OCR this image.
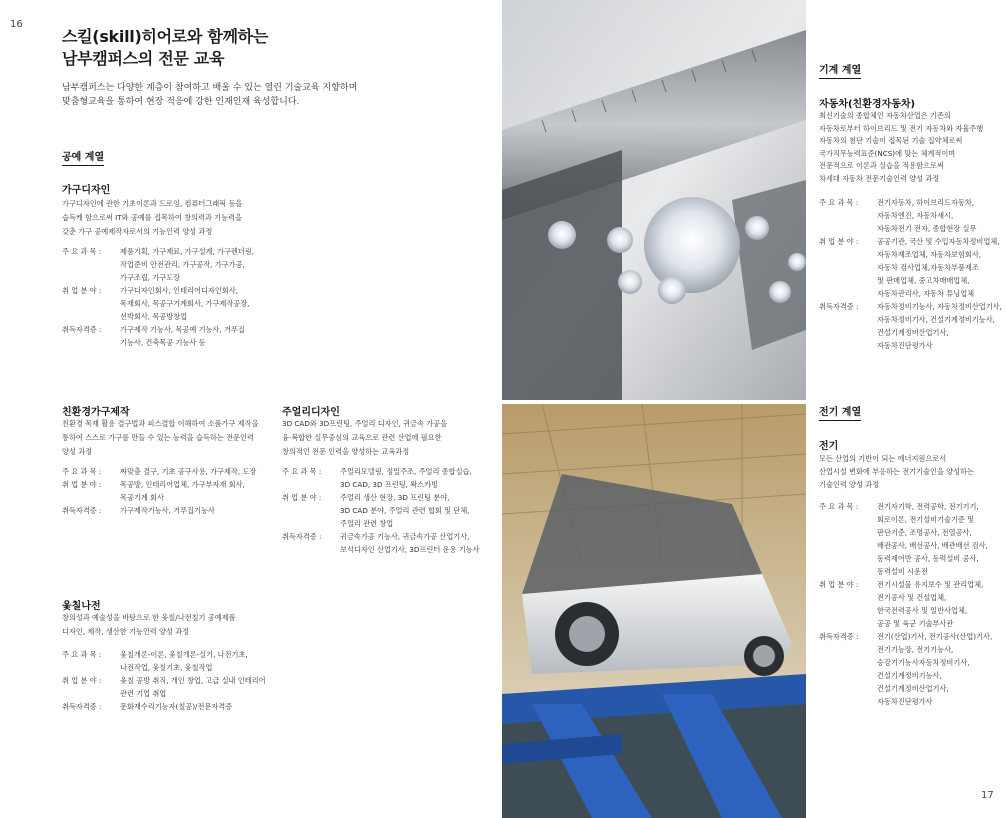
16
17
스킬(skill)히어로와 함께하는
남부캠퍼스의 전문 교육
남부캠퍼스는 다양한 계층이 참여하고 배울 수 있는 열린 기술교육 지향하며
맞춤형교육을 통하여 현장 적응에 강한 인재인재 육성합니다.
공예 계열
가구디자인
가구디자인에 관한 기초이론과 드로잉, 컴퓨터그래픽 등을
습득케 함으로써 IT와 공예를 접목하여 창의력과 기능력을
갖춘 가구 공예제작자로서의 기능인력 양성 과정
주 요 과 목 :	제품기획, 가구제료, 가구설계, 가구렌더링,
작업준비 안전관리, 가구공작, 가구가공,
가구조립, 가구도장
취 업 분 야 :	가구디자인회사, 인테리어디자인회사,
목재회사, 목공구기계회사, 가구제작공장,
선박회사, 목공방창업
취득자격증 :	가구제작 기능사, 목공예 기능사, 거푸집
기능사, 건축목공 기능사 등
친환경가구제작
친환경 목재 활용 결구법과 피스결합 이해하여 소품가구 제작을
통하여 스스로 가구를 만들 수 있는 능력을 습득하는 전문인력
양성 과정
주 요 과 목 :	짜맞춤 결구, 기초 공구사용, 가구제작, 도장
취 업 분 야 :	목공방, 인테리어업체, 가구부자재 회사,
목공기계 회사
취득자격증 :	가구제작기능사, 거푸집기능사
주얼리디자인
3D CAD와 3D프린팅, 주얼리 디자인, 귀금속 가공을
융·복합한 실무중심의 교육으로 관련 산업에 필요한
창의적인 전문 인력을 양성하는 교육과정
주 요 과 목 :	주얼리모델링, 정밀주조, 주얼리 종합실습,
3D CAD, 3D 프린팅, 왁스카빙
취 업 분 야 :	주얼리 생산 현장, 3D 프린팅 분야,
3D CAD 분야, 주얼리 관련 협회 및 단체,
주얼리 관련 창업
취득자격증 :	귀금속가공 기능사, 귀금속가공 산업기사,
보석디자인 산업기사, 3D프린터 운용 기능사
옻칠나전
창의성과 예술성을 바탕으로 한 옻칠/나전칠기 공예제품
디자인, 제작, 생산한 기능인력 양성 과정
주 요 과 목 :	옻칠개론-이론, 옻칠개론-실기, 나전기초,
나전작업, 옻칠기초, 옻칠작업
취 업 분 야 :	옻칠 공방 취직, 개인 창업, 고급 실내 인테리어
관련 기업 취업
취득자격증 :	문화재수리기능자(칠공)/전문자격증
기계 계열
자동차(친환경자동차)
최신기술의 종합체인 자동차산업은 기존의
자동차로부터 하이브리드 및 전기 자동차와 자율주행
자동차의 첨단 기술이 접목된 기술 집약체로써
국가직무능력표준(NCS)에 맞는 체계적이며
전문적으로 이론과 실습을 적용함으로써
차세대 자동차 전문기술인력 양성 과정
주 요 과 목 :	전기자동차, 하이브리드자동차,
자동차엔진, 자동차섀시,
자동차전기 전자, 종합현장 실무
취 업 분 야 :	공공기관, 국산 및 수입자동차정비업체,
자동차제조업체, 자동차보험회사,
자동차 검사업체,자동차부품제조
및 판매업체, 중고차매매업체,
자동차관리사, 자동차 튜닝업체
취득자격증 :	자동차정비기능사, 자동차정비산업기사,
자동차정비기사, 건설기계정비기능사,
건설기계정비산업기사,
자동차진단평가사
전기 계열
전기
모든 산업의 기반이 되는 에너지원으로서
산업시설 변화에 부응하는 전기기술인을 양성하는
기술인력 양성 과정
주 요 과 목 :	전기자기학, 전력공학, 전기기기,
회로이론, 전기설비기술기준 및
판단기준, 조명공사, 전열공사,
배관공사, 배선공사, 배관배선 검사,
동력제어반 공사, 동력설비 공사,
동력설비 시운전
취 업 분 야 :	전기시설물 유지보수 및 관리업체,
전기공사 및 건설업체,
한국전력공사 및 일반사업체,
공공 및 육군 기술부사관
취득자격증 :	전기(산업)기사, 전기공사(산업)기사,
전기기능장, 전기기능사,
승강기기능사자동차정비기사,
건설기계정비기능사,
건설기계정비산업기사,
자동차진단평가사
